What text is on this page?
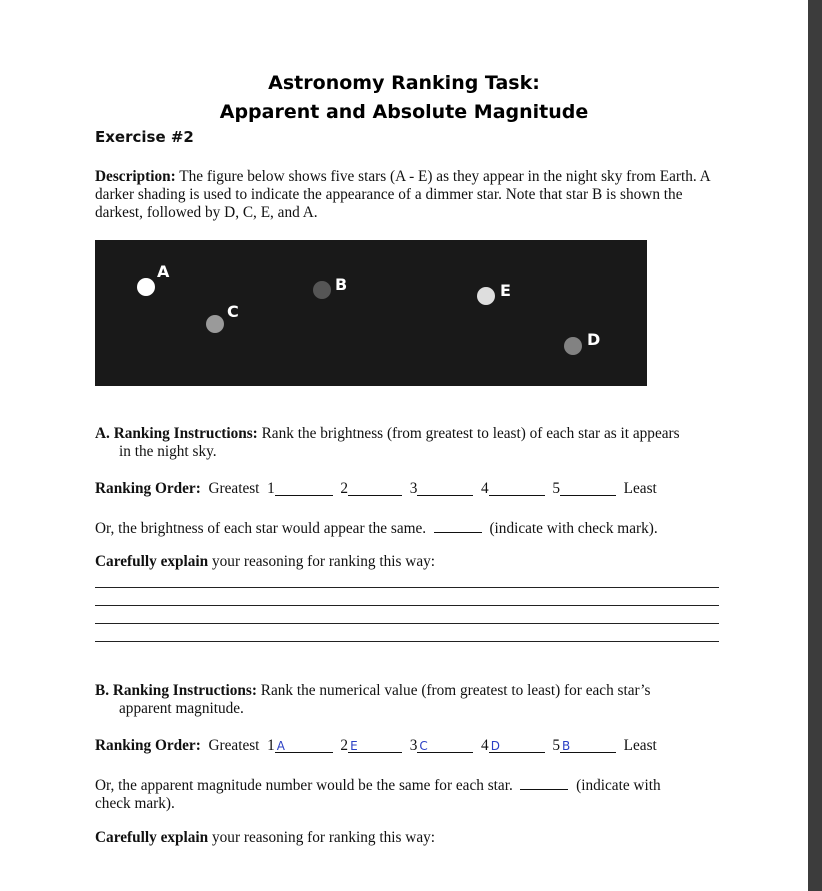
Astronomy Ranking Task:
Apparent and Absolute Magnitude
Exercise #2
Description: The figure below shows five stars (A - E) as they appear in the night sky from Earth. A darker shading is used to indicate the appearance of a dimmer star. Note that star B is shown the darkest, followed by D, C, E, and A.
A
B
C
D
E
A. Ranking Instructions: Rank the brightness (from greatest to least) of each star as it appears
in the night sky.
Ranking Order: Greatest 1	2	3	4	5	Least
Or, the brightness of each star would appear the same.	(indicate with check mark).
Carefully explain your reasoning for ranking this way:
B. Ranking Instructions: Rank the numerical value (from greatest to least) for each star’s
apparent magnitude.
Ranking Order: Greatest 1 A	2 E	3 C	4 D	5 B	Least
Or, the apparent magnitude number would be the same for each star.	(indicate with
check mark).
Carefully explain your reasoning for ranking this way:
